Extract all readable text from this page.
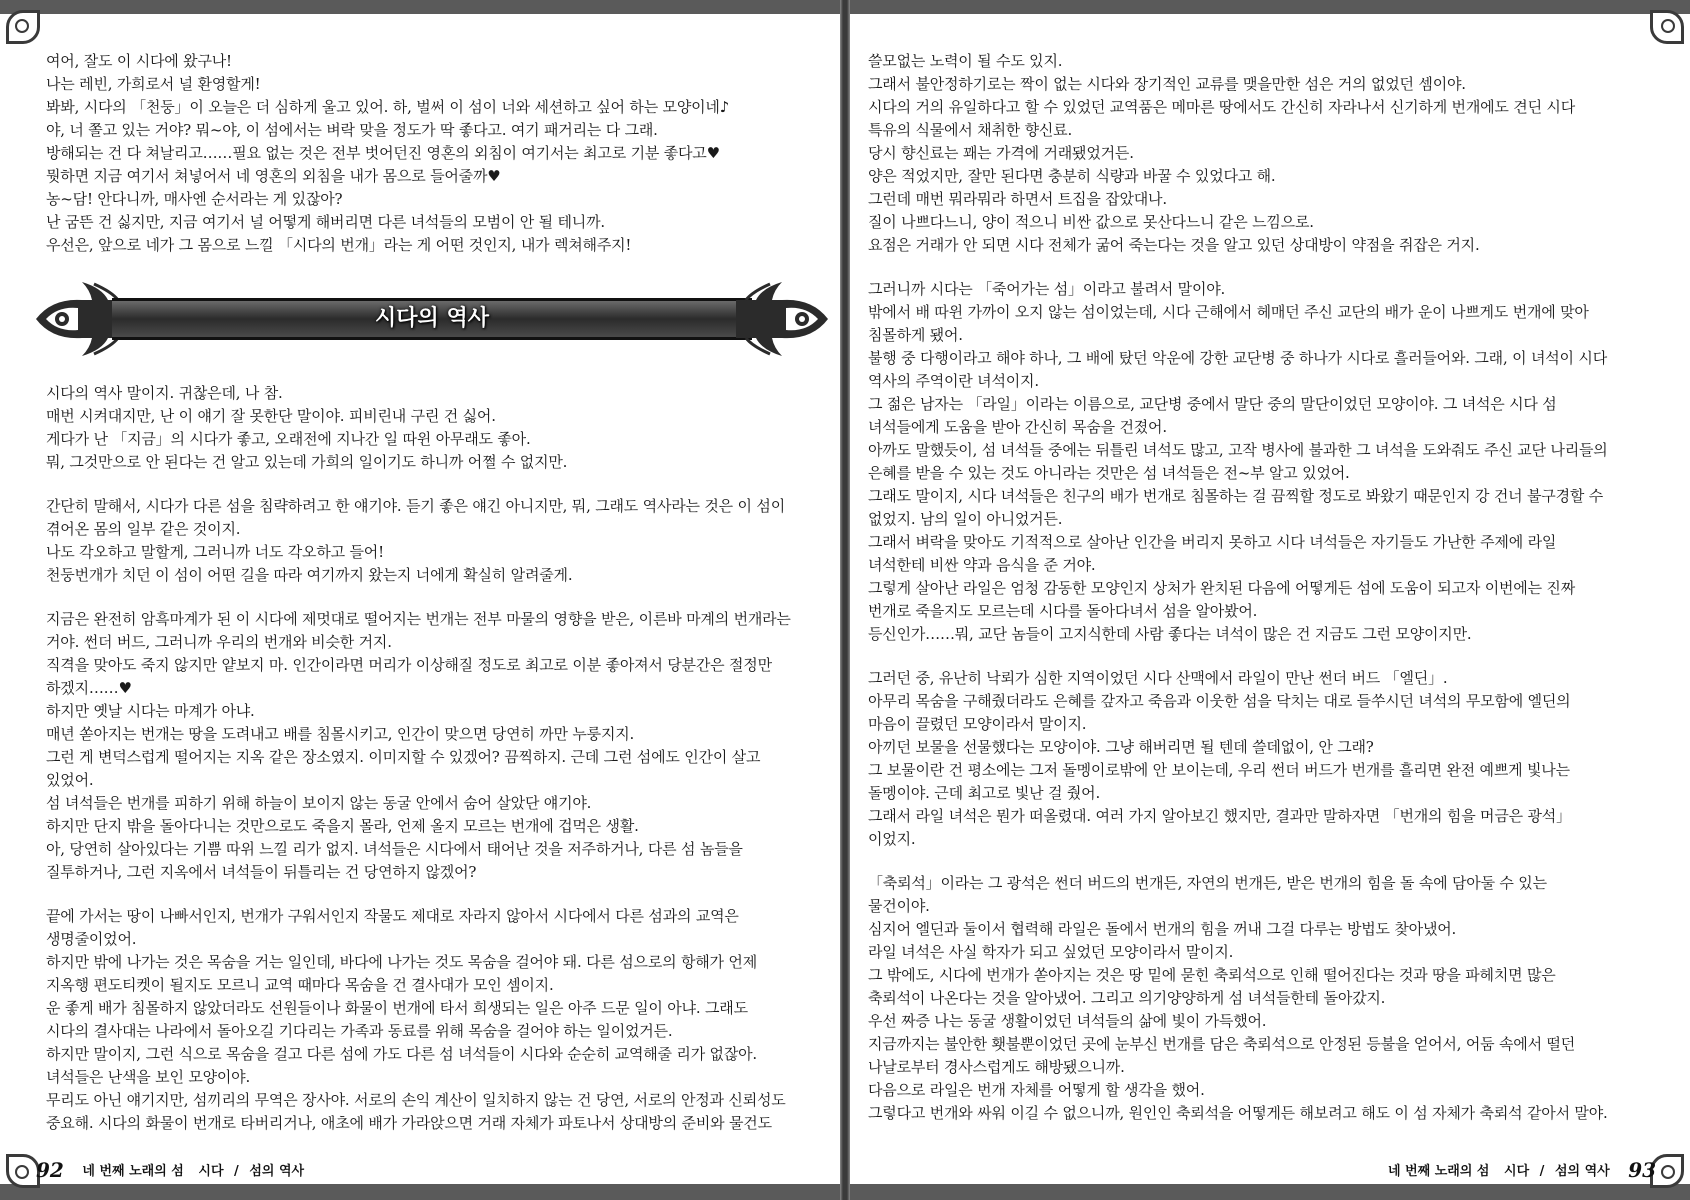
여어, 잘도 이 시다에 왔구나!
나는 레빈, 가희로서 널 환영할게!
봐봐, 시다의 「천둥」이 오늘은 더 심하게 울고 있어. 하, 벌써 이 섬이 너와 세션하고 싶어 하는 모양이네♪
야, 너 쫄고 있는 거야? 뭐~야, 이 섬에서는 벼락 맞을 정도가 딱 좋다고. 여기 패거리는 다 그래.
방해되는 건 다 쳐날리고……필요 없는 것은 전부 벗어던진 영혼의 외침이 여기서는 최고로 기분 좋다고♥
뭣하면 지금 여기서 쳐넣어서 네 영혼의 외침을 내가 몸으로 들어줄까♥
농~담! 안다니까, 매사엔 순서라는 게 있잖아?
난 굼뜬 건 싫지만, 지금 여기서 널 어떻게 해버리면 다른 녀석들의 모범이 안 될 테니까.
우선은, 앞으로 네가 그 몸으로 느낄 「시다의 번개」라는 게 어떤 것인지, 내가 렉쳐해주지!
시다의 역사
시다의 역사 말이지. 귀찮은데, 나 참.
매번 시켜대지만, 난 이 얘기 잘 못한단 말이야. 피비린내 구린 건 싫어.
게다가 난 「지금」의 시다가 좋고, 오래전에 지나간 일 따윈 아무래도 좋아.
뭐, 그것만으로 안 된다는 건 알고 있는데 가희의 일이기도 하니까 어쩔 수 없지만.
간단히 말해서, 시다가 다른 섬을 침략하려고 한 얘기야. 듣기 좋은 얘긴 아니지만, 뭐, 그래도 역사라는 것은 이 섬이
겪어온 몸의 일부 같은 것이지.
나도 각오하고 말할게, 그러니까 너도 각오하고 들어!
천둥번개가 치던 이 섬이 어떤 길을 따라 여기까지 왔는지 너에게 확실히 알려줄게.
지금은 완전히 암흑마계가 된 이 시다에 제멋대로 떨어지는 번개는 전부 마물의 영향을 받은, 이른바 마계의 번개라는
거야. 썬더 버드, 그러니까 우리의 번개와 비슷한 거지.
직격을 맞아도 죽지 않지만 얕보지 마. 인간이라면 머리가 이상해질 정도로 최고로 이분 좋아져서 당분간은 절정만
하겠지……♥
하지만 옛날 시다는 마계가 아냐.
매년 쏟아지는 번개는 땅을 도려내고 배를 침몰시키고, 인간이 맞으면 당연히 까만 누룽지지.
그런 게 변덕스럽게 떨어지는 지옥 같은 장소였지. 이미지할 수 있겠어? 끔찍하지. 근데 그런 섬에도 인간이 살고
있었어.
섬 녀석들은 번개를 피하기 위해 하늘이 보이지 않는 동굴 안에서 숨어 살았단 얘기야.
하지만 단지 밖을 돌아다니는 것만으로도 죽을지 몰라, 언제 올지 모르는 번개에 겁먹은 생활.
아, 당연히 살아있다는 기쁨 따위 느낄 리가 없지. 녀석들은 시다에서 태어난 것을 저주하거나, 다른 섬 놈들을
질투하거나, 그런 지옥에서 녀석들이 뒤틀리는 건 당연하지 않겠어?
끝에 가서는 땅이 나빠서인지, 번개가 구워서인지 작물도 제대로 자라지 않아서 시다에서 다른 섬과의 교역은
생명줄이었어.
하지만 밖에 나가는 것은 목숨을 거는 일인데, 바다에 나가는 것도 목숨을 걸어야 돼. 다른 섬으로의 항해가 언제
지옥행 편도티켓이 될지도 모르니 교역 때마다 목숨을 건 결사대가 모인 셈이지.
운 좋게 배가 침몰하지 않았더라도 선원들이나 화물이 번개에 타서 희생되는 일은 아주 드문 일이 아냐. 그래도
시다의 결사대는 나라에서 돌아오길 기다리는 가족과 동료를 위해 목숨을 걸어야 하는 일이었거든.
하지만 말이지, 그런 식으로 목숨을 걸고 다른 섬에 가도 다른 섬 녀석들이 시다와 순순히 교역해줄 리가 없잖아.
녀석들은 난색을 보인 모양이야.
무리도 아닌 얘기지만, 섬끼리의 무역은 장사야. 서로의 손익 계산이 일치하지 않는 건 당연, 서로의 안정과 신뢰성도
중요해. 시다의 화물이 번개로 타버리거나, 애초에 배가 가라앉으면 거래 자체가 파토나서 상대방의 준비와 물건도
쓸모없는 노력이 될 수도 있지.
그래서 불안정하기로는 짝이 없는 시다와 장기적인 교류를 맺을만한 섬은 거의 없었던 셈이야.
시다의 거의 유일하다고 할 수 있었던 교역품은 메마른 땅에서도 간신히 자라나서 신기하게 번개에도 견딘 시다
특유의 식물에서 채취한 향신료.
당시 향신료는 꽤는 가격에 거래됐었거든.
양은 적었지만, 잘만 된다면 충분히 식량과 바꿀 수 있었다고 해.
그런데 매번 뭐라뭐라 하면서 트집을 잡았대나.
질이 나쁘다느니, 양이 적으니 비싼 값으로 못산다느니 같은 느낌으로.
요점은 거래가 안 되면 시다 전체가 굶어 죽는다는 것을 알고 있던 상대방이 약점을 쥐잡은 거지.
그러니까 시다는 「죽어가는 섬」이라고 불려서 말이야.
밖에서 배 따윈 가까이 오지 않는 섬이었는데, 시다 근해에서 헤매던 주신 교단의 배가 운이 나쁘게도 번개에 맞아
침몰하게 됐어.
불행 중 다행이라고 해야 하나, 그 배에 탔던 악운에 강한 교단병 중 하나가 시다로 흘러들어와. 그래, 이 녀석이 시다
역사의 주역이란 녀석이지.
그 젊은 남자는 「라일」이라는 이름으로, 교단병 중에서 말단 중의 말단이었던 모양이야. 그 녀석은 시다 섬
녀석들에게 도움을 받아 간신히 목숨을 건졌어.
아까도 말했듯이, 섬 녀석들 중에는 뒤틀린 녀석도 많고, 고작 병사에 불과한 그 녀석을 도와줘도 주신 교단 나리들의
은혜를 받을 수 있는 것도 아니라는 것만은 섬 녀석들은 전~부 알고 있었어.
그래도 말이지, 시다 녀석들은 친구의 배가 번개로 침몰하는 걸 끔찍할 정도로 봐왔기 때문인지 강 건너 불구경할 수
없었지. 남의 일이 아니었거든.
그래서 벼락을 맞아도 기적적으로 살아난 인간을 버리지 못하고 시다 녀석들은 자기들도 가난한 주제에 라일
녀석한테 비싼 약과 음식을 준 거야.
그렇게 살아난 라일은 엄청 감동한 모양인지 상처가 완치된 다음에 어떻게든 섬에 도움이 되고자 이번에는 진짜
번개로 죽을지도 모르는데 시다를 돌아다녀서 섬을 알아봤어.
등신인가……뭐, 교단 놈들이 고지식한데 사람 좋다는 녀석이 많은 건 지금도 그런 모양이지만.
그러던 중, 유난히 낙뢰가 심한 지역이었던 시다 산맥에서 라일이 만난 썬더 버드 「엘딘」.
아무리 목숨을 구해줬더라도 은혜를 갚자고 죽음과 이웃한 섬을 닥치는 대로 들쑤시던 녀석의 무모함에 엘딘의
마음이 끌렸던 모양이라서 말이지.
아끼던 보물을 선물했다는 모양이야. 그냥 해버리면 될 텐데 쓸데없이, 안 그래?
그 보물이란 건 평소에는 그저 돌멩이로밖에 안 보이는데, 우리 썬더 버드가 번개를 흘리면 완전 예쁘게 빛나는
돌멩이야. 근데 최고로 빛난 걸 줬어.
그래서 라일 녀석은 뭔가 떠올렸대. 여러 가지 알아보긴 했지만, 결과만 말하자면 「번개의 힘을 머금은 광석」
이었지.
「축뢰석」이라는 그 광석은 썬더 버드의 번개든, 자연의 번개든, 받은 번개의 힘을 돌 속에 담아둘 수 있는
물건이야.
심지어 엘딘과 둘이서 협력해 라일은 돌에서 번개의 힘을 꺼내 그걸 다루는 방법도 찾아냈어.
라일 녀석은 사실 학자가 되고 싶었던 모양이라서 말이지.
그 밖에도, 시다에 번개가 쏟아지는 것은 땅 밑에 묻힌 축뢰석으로 인해 떨어진다는 것과 땅을 파헤치면 많은
축뢰석이 나온다는 것을 알아냈어. 그리고 의기양양하게 섬 녀석들한테 돌아갔지.
우선 짜증 나는 동굴 생활이었던 녀석들의 삶에 빛이 가득했어.
지금까지는 불안한 횃불뿐이었던 곳에 눈부신 번개를 담은 축뢰석으로 안정된 등불을 얻어서, 어둠 속에서 떨던
나날로부터 경사스럽게도 해방됐으니까.
다음으로 라일은 번개 자체를 어떻게 할 생각을 했어.
그렇다고 번개와 싸워 이길 수 없으니까, 원인인 축뢰석을 어떻게든 해보려고 해도 이 섬 자체가 축뢰석 같아서 말야.
92 네 번째 노래의 섬 시다 / 섬의 역사	네 번째 노래의 섬 시다 / 섬의 역사 93
